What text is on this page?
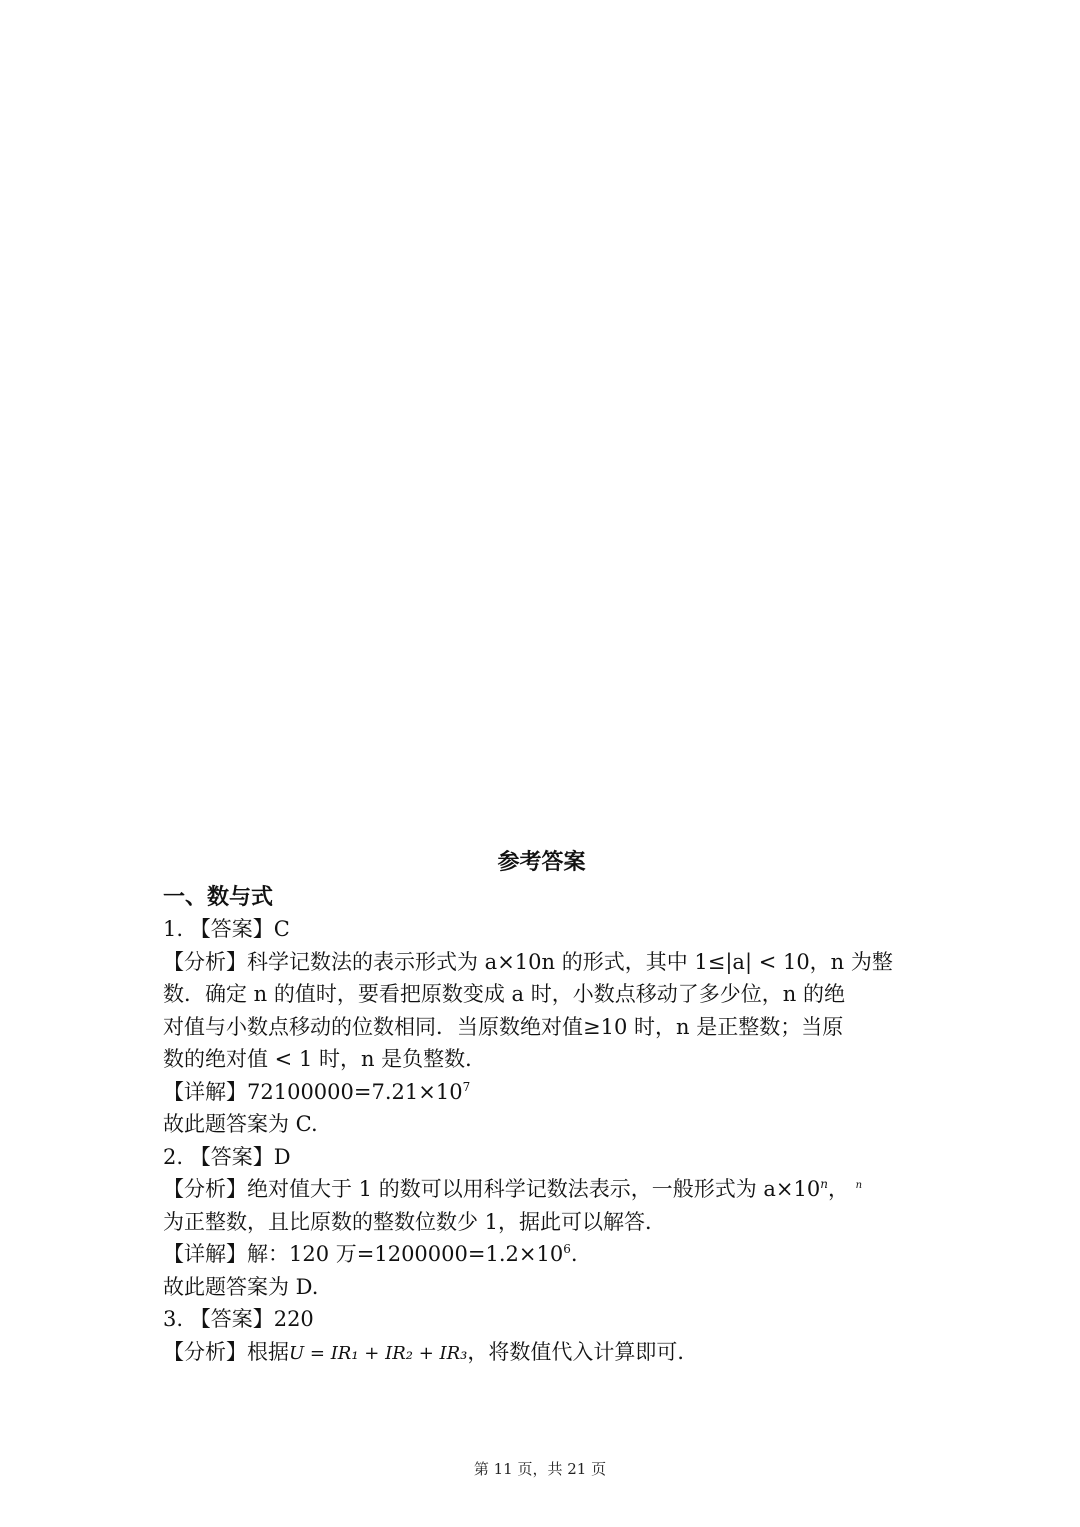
参考答案
一、数与式
1. 【答案】C
【分析】科学记数法的表示形式为 a×10n 的形式，其中 1≤|a| < 10，n 为整
数．确定 n 的值时，要看把原数变成 a 时，小数点移动了多少位，n 的绝
对值与小数点移动的位数相同．当原数绝对值≥10 时，n 是正整数；当原
数的绝对值 < 1 时，n 是负整数．
【详解】$72100000=7.21\times 10^7$
故此题答案为 C.
2. 【答案】D
【分析】绝对值大于 1 的数可以用科学记数法表示，一般形式为 $a\times 10^n$， $^n$
为正整数，且比原数的整数位数少 1，据此可以解答．
【详解】解：120 万$=1200000=1.2\times 10^6$.
故此题答案为 D.
3. 【答案】220
【分析】根据U = IR₁ + IR₂ + IR₃，将数值代入计算即可．
第 11 页，共 21 页
